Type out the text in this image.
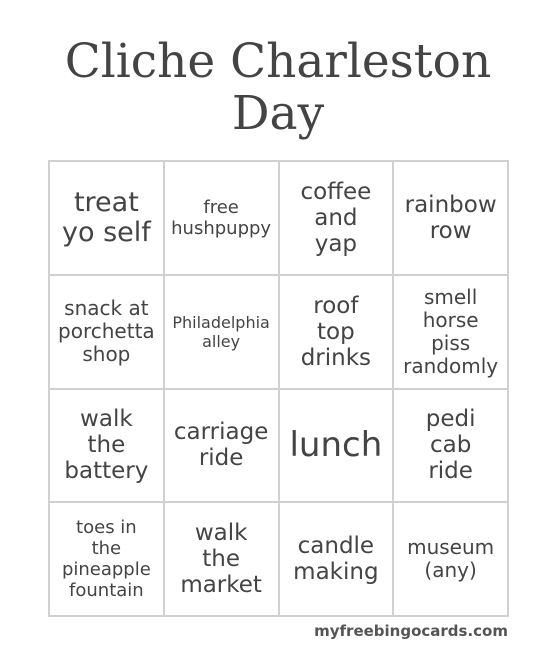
Cliche Charleston
Day
treat
yo self
free
hushpuppy
coffee
and
yap
rainbow
row
snack at
porchetta
shop
Philadelphia
alley
roof
top
drinks
smell
horse piss
randomly
walk
the
battery
carriage
ride	lunch
pedi
cab
ride
toes in
the
pineapple
fountain
walk
the
market
candle
making
museum
(any)
myfreebingocards.com
